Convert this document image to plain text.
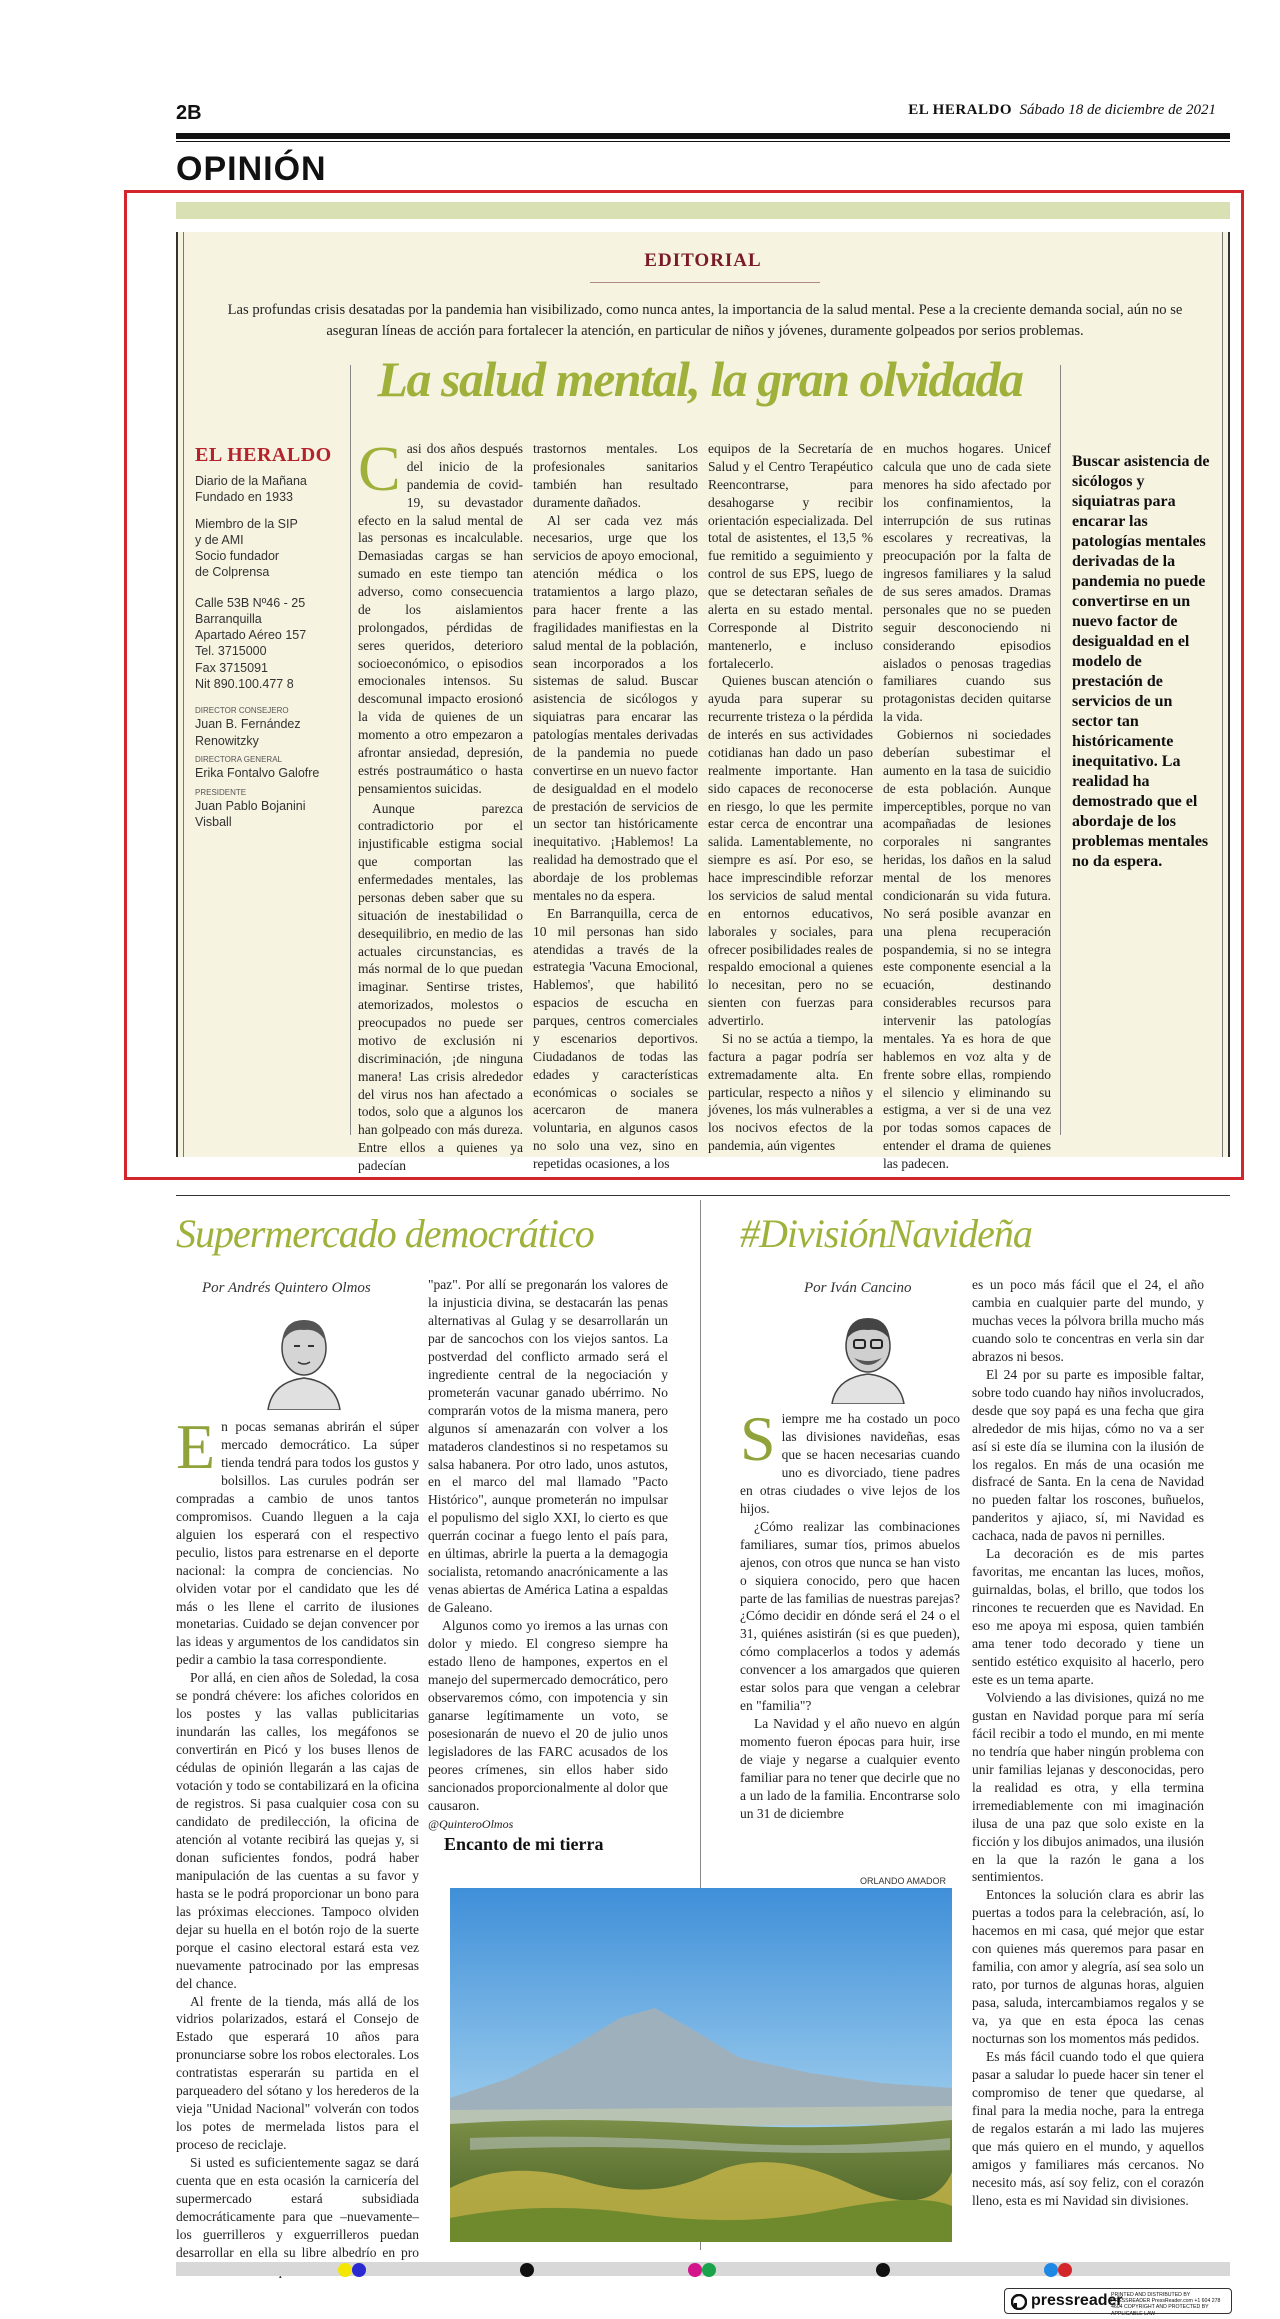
2B	EL HERALDO Sábado 18 de diciembre de 2021
OPINIÓN
EDITORIAL
Las profundas crisis desatadas por la pandemia han visibilizado, como nunca antes, la importancia de la salud mental. Pese a la creciente demanda social, aún no se aseguran líneas de acción para fortalecer la atención, en particular de niños y jóvenes, duramente golpeados por serios problemas.
La salud mental, la gran olvidada
EL HERALDO
Diario de la Mañana
Fundado en 1933
Miembro de la SIP
y de AMI
Socio fundador
de Colprensa
Calle 53B Nº46 - 25
Barranquilla
Apartado Aéreo 157
Tel. 3715000
Fax 3715091
Nit 890.100.477 8
DIRECTOR CONSEJERO
Juan B. Fernández Renowitzky
DIRECTORA GENERAL
Erika Fontalvo Galofre
PRESIDENTE
Juan Pablo Bojanini Visball
C asi dos años después del inicio de la pandemia de covid-19, su devastador efecto en la salud mental de las personas es incalculable. Demasiadas cargas se han sumado en este tiempo tan adverso, como consecuencia de los aislamientos prolongados, pérdidas de seres queridos, deterioro socioeconómico, o episodios emocionales intensos. Su descomunal impacto erosionó la vida de quienes de un momento a otro empezaron a afrontar ansiedad, depresión, estrés postraumático o hasta pensamientos suicidas.
Aunque parezca contradictorio por el injustificable estigma social que comportan las enfermedades mentales, las personas deben saber que su situación de inestabilidad o desequilibrio, en medio de las actuales circunstancias, es más normal de lo que puedan imaginar. Sentirse tristes, atemorizados, molestos o preocupados no puede ser motivo de exclusión ni discriminación, ¡de ninguna manera! Las crisis alrededor del virus nos han afectado a todos, solo que a algunos los han golpeado con más dureza. Entre ellos a quienes ya padecían
trastornos mentales. Los profesionales sanitarios también han resultado duramente dañados.
Al ser cada vez más necesarios, urge que los servicios de apoyo emocional, atención médica o los tratamientos a largo plazo, para hacer frente a las fragilidades manifiestas en la salud mental de la población, sean incorporados a los sistemas de salud. Buscar asistencia de sicólogos y siquiatras para encarar las patologías mentales derivadas de la pandemia no puede convertirse en un nuevo factor de desigualdad en el modelo de prestación de servicios de un sector tan históricamente inequitativo. ¡Hablemos! La realidad ha demostrado que el abordaje de los problemas mentales no da espera.
En Barranquilla, cerca de 10 mil personas han sido atendidas a través de la estrategia 'Vacuna Emocional, Hablemos', que habilitó espacios de escucha en parques, centros comerciales y escenarios deportivos. Ciudadanos de todas las edades y características económicas o sociales se acercaron de manera voluntaria, en algunos casos no solo una vez, sino en repetidas ocasiones, a los
equipos de la Secretaría de Salud y el Centro Terapéutico Reencontrarse, para desahogarse y recibir orientación especializada. Del total de asistentes, el 13,5 % fue remitido a seguimiento y control de sus EPS, luego de que se detectaran señales de alerta en su estado mental. Corresponde al Distrito mantenerlo, e incluso fortalecerlo.
Quienes buscan atención o ayuda para superar su recurrente tristeza o la pérdida de interés en sus actividades cotidianas han dado un paso realmente importante. Han sido capaces de reconocerse en riesgo, lo que les permite estar cerca de encontrar una salida. Lamentablemente, no siempre es así. Por eso, se hace imprescindible reforzar los servicios de salud mental en entornos educativos, laborales y sociales, para ofrecer posibilidades reales de respaldo emocional a quienes lo necesitan, pero no se sienten con fuerzas para advertirlo.
Si no se actúa a tiempo, la factura a pagar podría ser extremadamente alta. En particular, respecto a niños y jóvenes, los más vulnerables a los nocivos efectos de la pandemia, aún vigentes
en muchos hogares. Unicef calcula que uno de cada siete menores ha sido afectado por los confinamientos, la interrupción de sus rutinas escolares y recreativas, la preocupación por la falta de ingresos familiares y la salud de sus seres amados. Dramas personales que no se pueden seguir desconociendo ni considerando episodios aislados o penosas tragedias familiares cuando sus protagonistas deciden quitarse la vida.
Gobiernos ni sociedades deberían subestimar el aumento en la tasa de suicidio de esta población. Aunque imperceptibles, porque no van acompañadas de lesiones corporales ni sangrantes heridas, los daños en la salud mental de los menores condicionarán su vida futura. No será posible avanzar en una plena recuperación pospandemia, si no se integra este componente esencial a la ecuación, destinando considerables recursos para intervenir las patologías mentales. Ya es hora de que hablemos en voz alta y de frente sobre ellas, rompiendo el silencio y eliminando su estigma, a ver si de una vez por todas somos capaces de entender el drama de quienes las padecen.
Buscar asistencia de sicólogos y siquiatras para encarar las patologías mentales derivadas de la pandemia no puede convertirse en un nuevo factor de desigualdad en el modelo de prestación de servicios de un sector tan históricamente inequitativo. La realidad ha demostrado que el abordaje de los problemas mentales no da espera.
Supermercado democrático
Por Andrés Quintero Olmos

En pocas semanas abrirán el súper mercado democrático. La súper tienda tendrá para todos los gustos y bolsillos. Las curules podrán ser compradas a cambio de unos tantos compromisos. Cuando lleguen a la caja alguien los esperará con el respectivo peculio, listos para estrenarse en el deporte nacional: la compra de conciencias. No olviden votar por el candidato que les dé más o les llene el carrito de ilusiones monetarias. Cuidado se dejan convencer por las ideas y argumentos de los candidatos sin pedir a cambio la tasa correspondiente.

Por allá, en cien años de Soledad, la cosa se pondrá chévere: los afiches coloridos en los postes y las vallas publicitarias inundarán las calles, los megáfonos se convertirán en Picó y los buses llenos de cédulas de opinión llegarán a las cajas de votación y todo se contabilizará en la oficina de registros. Si pasa cualquier cosa con su candidato de predilección, la oficina de atención al votante recibirá las quejas y, si donan suficientes fondos, podrá haber manipulación de las cuentas a su favor y hasta se le podrá proporcionar un bono para las próximas elecciones. Tampoco olviden dejar su huella en el botón rojo de la suerte porque el casino electoral estará esta vez nuevamente patrocinado por las empresas del chance.

Al frente de la tienda, más allá de los vidrios polarizados, estará el Consejo de Estado que esperará 10 años para pronunciarse sobre los robos electorales. Los contratistas esperarán su partida en el parqueadero del sótano y los herederos de la vieja "Unidad Nacional" volverán con todos los potes de mermelada listos para el proceso de reciclaje.

Si usted es suficientemente sagaz se dará cuenta que en esta ocasión la carnicería del supermercado estará subsidiada democráticamente para que –nuevamente– los guerrilleros y exguerrilleros puedan desarrollar en ella su libre albedrío en pro

"paz". Por allí se pregonarán los valores de la injusticia divina, se destacarán las penas alternativas al Gulag y se desarrollarán un par de sancochos con los viejos santos. La postverdad del conflicto armado será el ingrediente central de la negociación y prometerán vacunar ganado ubérrimo. No comprarán votos de la misma manera, pero algunos sí amenazarán con volver a los mataderos clandestinos si no respetamos su salsa habanera. Por otro lado, unos astutos, en el marco del mal llamado "Pacto Histórico", aunque prometerán no impulsar el populismo del siglo XXI, lo cierto es que querrán cocinar a fuego lento el país para, en últimas, abrirle la puerta a la demagogia socialista, retomando anacrónicamente a las venas abiertas de América Latina a espaldas de Galeano.

Algunos como yo iremos a las urnas con dolor y miedo. El congreso siempre ha estado lleno de hampones, expertos en el manejo del supermercado democrático, pero observaremos cómo, con impotencia y sin ganarse legítimamente un voto, se posesionarán de nuevo el 20 de julio unos legisladores de las FARC acusados de los peores crímenes, sin ellos haber sido sancionados proporcionalmente al dolor que causaron.

@QuinteroOlmos

Encanto de mi tierra
ORLANDO AMADOR
#DivisiónNavideña
Por Iván Cancino

Siempre me ha costado un poco las divisiones navideñas, esas que se hacen necesarias cuando uno es divorciado, tiene padres en otras ciudades o vive lejos de los hijos.

¿Cómo realizar las combinaciones familiares, sumar tíos, primos abuelos ajenos, con otros que nunca se han visto o siquiera conocido, pero que hacen parte de las familias de nuestras parejas? ¿Cómo decidir en dónde será el 24 o el 31, quiénes asistirán (si es que pueden), cómo complacerlos a todos y además convencer a los amargados que quieren estar solos para que vengan a celebrar en "familia"?

La Navidad y el año nuevo en algún momento fueron épocas para huir, irse de viaje y negarse a cualquier evento familiar para no tener que decirle que no a un lado de la familia. Encontrarse solo un 31 de diciembre

es un poco más fácil que el 24, el año cambia en cualquier parte del mundo, y muchas veces la pólvora brilla mucho más cuando solo te concentras en verla sin dar abrazos ni besos.

El 24 por su parte es imposible faltar, sobre todo cuando hay niños involucrados, desde que soy papá es una fecha que gira alrededor de mis hijas, cómo no va a ser así si este día se ilumina con la ilusión de los regalos. En más de una ocasión me disfracé de Santa. En la cena de Navidad no pueden faltar los roscones, buñuelos, panderitos y ajiaco, sí, mi Navidad es cachaca, nada de pavos ni pernilles.

La decoración es de mis partes favoritas, me encantan las luces, moños, guirnaldas, bolas, el brillo, que todos los rincones te recuerden que es Navidad. En eso me apoya mi esposa, quien también ama tener todo decorado y tiene un sentido estético exquisito al hacerlo, pero este es un tema aparte.

Volviendo a las divisiones, quizá no me gustan en Navidad porque para mí sería fácil recibir a todo el mundo, en mi mente no tendría que haber ningún problema con unir familias lejanas y desconocidas, pero la realidad es otra, y ella termina irremediablemente con mi imaginación ilusa de una paz que solo existe en la ficción y los dibujos animados, una ilusión en la que la razón le gana a los sentimientos.

Entonces la solución clara es abrir las puertas a todos para la celebración, así, lo hacemos en mi casa, qué mejor que estar con quienes más queremos para pasar en familia, con amor y alegría, así sea solo un rato, por turnos de algunas horas, alguien pasa, saluda, intercambiamos regalos y se va, ya que en esta época las cenas nocturnas son los momentos más pedidos.

Es más fácil cuando todo el que quiera pasar a saludar lo puede hacer sin tener el compromiso de tener que quedarse, al final para la media noche, para la entrega de regalos estarán a mi lado las mujeres que más quiero en el mundo, y aquellos amigos y familiares más cercanos. No necesito más, así soy feliz, con el corazón lleno, esta es mi Navidad sin divisiones.

pressreader
PRINTED AND DISTRIBUTED BY PRESSREADER PressReader.com +1 604 278 4604 COPYRIGHT AND PROTECTED BY APPLICABLE LAW
